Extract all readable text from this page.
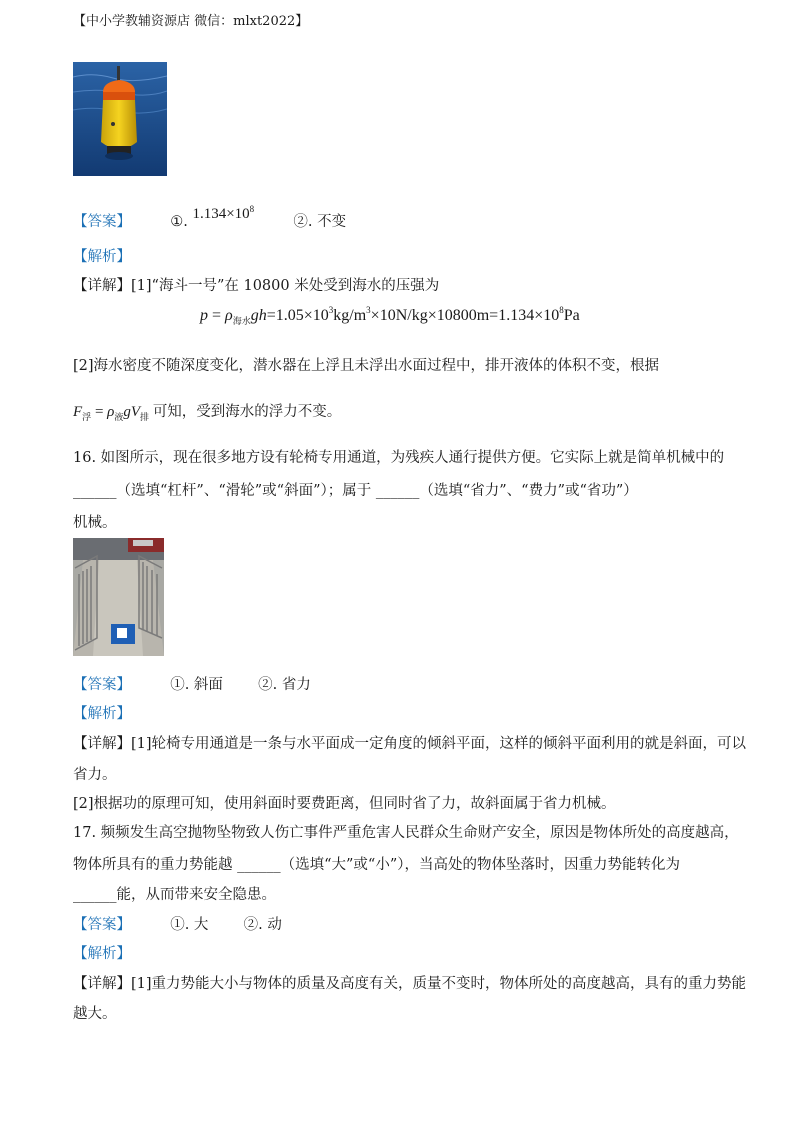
【中小学教辅资源店 微信：mlxt2022】
【答案】	①. $1.134\times 10^8$  ②. 不变
【解析】
【详解】[1]“海斗一号”在 10800 米处受到海水的压强为
$p = \rho_{海水}gh=1.05\times 10^3kg/m^3\times 10N/kg\times 10800m=1.134\times 10^8Pa$
[2]海水密度不随深度变化，潜水器在上浮且未浮出水面过程中，排开液体的体积不变，根据
$F_浮 = \rho_液gV_排$ 可知，受到海水的浮力不变。
16. 如图所示，现在很多地方设有轮椅专用通道，为残疾人通行提供方便。它实际上就是简单机械中的
______（选填“杠杆”、“滑轮”或“斜面”）；属于 ______（选填“省力”、“费力”或“省功”）
机械。
【答案】	①. 斜面 ②. 省力
【解析】
【详解】[1]轮椅专用通道是一条与水平面成一定角度的倾斜平面，这样的倾斜平面利用的就是斜面，可以
省力。
[2]根据功的原理可知，使用斜面时要费距离，但同时省了力，故斜面属于省力机械。
17. 频频发生高空抛物坠物致人伤亡事件严重危害人民群众生命财产安全，原因是物体所处的高度越高，
物体所具有的重力势能越 ______（选填“大”或“小”），当高处的物体坠落时，因重力势能转化为
______能，从而带来安全隐患。
【答案】	①. 大 ②. 动
【解析】
【详解】[1]重力势能大小与物体的质量及高度有关，质量不变时，物体所处的高度越高，具有的重力势能
越大。
